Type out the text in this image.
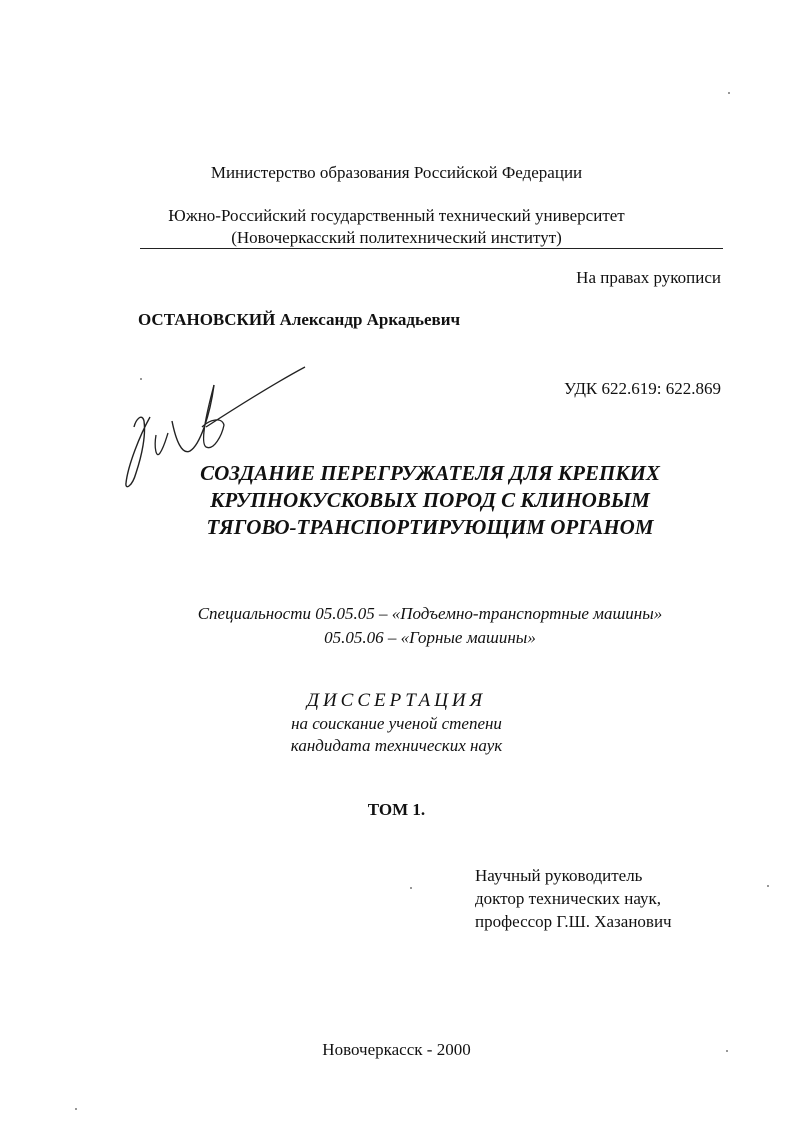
Министерство образования Российской Федерации
Южно-Российский государственный технический университет
(Новочеркасский политехнический институт)
На правах рукописи
ОСТАНОВСКИЙ Александр Аркадьевич
УДК 622.619: 622.869
СОЗДАНИЕ ПЕРЕГРУЖАТЕЛЯ ДЛЯ КРЕПКИХ
КРУПНОКУСКОВЫХ ПОРОД С КЛИНОВЫМ
ТЯГОВО-ТРАНСПОРТИРУЮЩИМ ОРГАНОМ
Специальности 05.05.05 – «Подъемно-транспортные машины»
05.05.06 – «Горные машины»
ДИССЕРТАЦИЯ
на соискание ученой степени
кандидата технических наук
ТОМ 1.
Научный руководитель
доктор технических наук,
профессор Г.Ш. Хазанович
Новочеркасск - 2000
